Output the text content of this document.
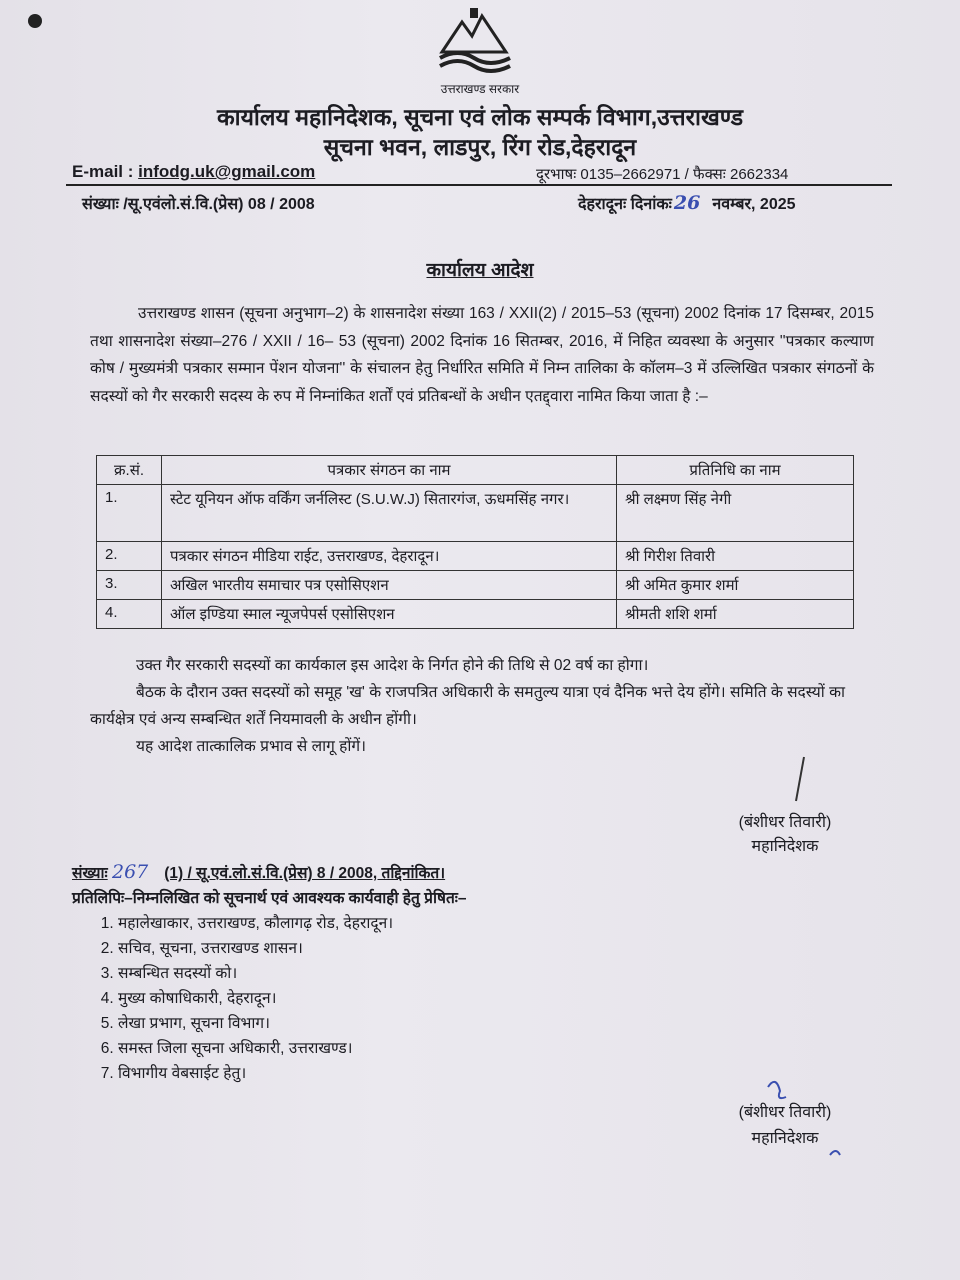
उत्तराखण्ड सरकार
कार्यालय महानिदेशक, सूचना एवं लोक सम्पर्क विभाग,उत्तराखण्ड
सूचना भवन, लाडपुर, रिंग रोड,देहरादून
E-mail : infodg.uk@gmail.com	दूरभाषः 0135–2662971 / फैक्सः 2662334
संख्याः /सू.एवंलो.सं.वि.(प्रेस) 08 / 2008	देहरादूनः दिनांकः 26 नवम्बर, 2025
कार्यालय आदेश
उत्तराखण्ड शासन (सूचना अनुभाग–2) के शासनादेश संख्या 163 / XXII(2) / 2015–53 (सूचना) 2002 दिनांक 17 दिसम्बर, 2015 तथा शासनादेश संख्या–276 / XXII / 16– 53 (सूचना) 2002 दिनांक 16 सितम्बर, 2016, में निहित व्यवस्था के अनुसार ''पत्रकार कल्याण कोष / मुख्यमंत्री पत्रकार सम्मान पेंशन योजना'' के संचालन हेतु निर्धारित समिति में निम्न तालिका के कॉलम–3 में उल्लिखित पत्रकार संगठनों के सदस्यों को गैर सरकारी सदस्य के रुप में निम्नांकित शर्तों एवं प्रतिबन्धों के अधीन एतद्द्वारा नामित किया जाता है :–
क्र.सं.	पत्रकार संगठन का नाम	प्रतिनिधि का नाम
1.	स्टेट यूनियन ऑफ वर्किंग जर्नलिस्ट (S.U.W.J) सितारगंज, ऊधमसिंह नगर।	श्री लक्ष्मण सिंह नेगी
2.	पत्रकार संगठन मीडिया राईट, उत्तराखण्ड, देहरादून।	श्री गिरीश तिवारी
3.	अखिल भारतीय समाचार पत्र एसोसिएशन	श्री अमित कुमार शर्मा
4.	ऑल इण्डिया स्माल न्यूजपेपर्स एसोसिएशन	श्रीमती शशि शर्मा
उक्त गैर सरकारी सदस्यों का कार्यकाल इस आदेश के निर्गत होने की तिथि से 02 वर्ष का होगा।
बैठक के दौरान उक्त सदस्यों को समूह 'ख' के राजपत्रित अधिकारी के समतुल्य यात्रा एवं दैनिक भत्ते देय होंगे। समिति के सदस्यों का कार्यक्षेत्र एवं अन्य सम्बन्धित शर्तें नियमावली के अधीन होंगी।
यह आदेश तात्कालिक प्रभाव से लागू होंगें।
(बंशीधर तिवारी)
महानिदेशक
संख्याः 267 (1) / सू.एवं.लो.सं.वि.(प्रेस) 8 / 2008, तद्दिनांकित।
प्रतिलिपिः–निम्नलिखित को सूचनार्थ एवं आवश्यक कार्यवाही हेतु प्रेषितः–
1. महालेखाकार, उत्तराखण्ड, कौलागढ़ रोड, देहरादून।
2. सचिव, सूचना, उत्तराखण्ड शासन।
3. सम्बन्धित सदस्यों को।
4. मुख्य कोषाधिकारी, देहरादून।
5. लेखा प्रभाग, सूचना विभाग।
6. समस्त जिला सूचना अधिकारी, उत्तराखण्ड।
7. विभागीय वेबसाईट हेतु।
(बंशीधर तिवारी)
महानिदेशक
